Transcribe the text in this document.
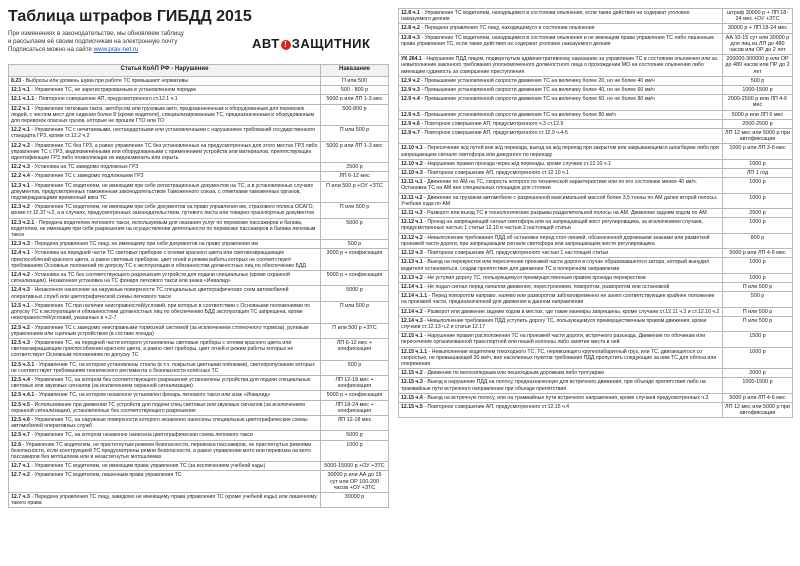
Таблица штрафов ГИБДД 2015
При изменениях в законодательстве, мы обновляем таблицу
и рассылаем её своим подписчикам на электронную почту
Подписаться можно на сайте www.prav-net.ru	АВТ ! ЗАЩИТНИК
Статья КоАП РФ - Нарушение	Наказание
8.23 - Выбросы или уровень шума при работе ТС превышают нормативы	П или 500
12.1 ч.1 - Управление ТС, не зарегистрированным в установленном порядке	500 - 800 р
12.1 ч.1.1 - Повторное совершение АП, предусмотренного ст.12.1 ч.1	5000 р или ЛП 1-3 мес
12.2 ч.1 - Управление легковым такси, автобусом или грузовым авто, предназначенным и оборудованным для перевозок людей, с числом мест для сидения более 8 (кроме водителя), специализированным ТС, предназначенным и оборудованным для перевозок опасных грузов, которые не прошли ГТО или ТО	500-800 р
12.2 ч.1 - Управление ТС с нечитаемыми, нестандартными или установленными с нарушением требований государственного стандарта ГРЗ, кроме ст.12.2 ч.2	П или 500 р
12.2 ч.2 - Управление ТС без ГРЗ, а равно управление ТС без установленных на предусмотренных для этого местах ГРЗ либо управление ТС с ГРЗ, видоизменёнными или оборудованными с применением устройств или материалов, препятствующих идентификации ГРЗ либо позволяющих их видоизменить или скрыть	5000 р или ЛП 1-3 мес
12.2 ч.3 - Установка на ТС заведомо подложных ГРЗ	2500 р
12.2 ч.4 - Управление ТС с заведомо подложными ГРЗ	ЛП 6-12 мес
12.3 ч.1 - Управление ТС водителем, не имеющим при себе регистрационных документов на ТС, а в установленных случаях документов, предусмотренных таможенным законодательством Таможенного союза, с отметками таможенных органов, подтверждающими временный ввоз ТС	П или 500 р +ОУ +ЗТС
12.3 ч.2 - Управление ТС водителем, не имеющим при себе документов на право управления им, страхового полиса ОСАГО, кроме ст.12.37 ч.2, а в случаях, предусмотренных законодательством, путевого листа или товарно-транспортных документов	П или 500 р
12.3 ч.2.1 - Передача водителем легкового такси, используемым для оказания услуг по перевозке пассажиров и багажа, водителем, не имеющим при себе разрешения на осуществление деятельности по перевозке пассажиров и багажа легковым такси	5000 р
12.3 ч.3 - Передача управления ТС лицу, не имеющему при себе документов на право управления им	500 р
12.4 ч.1 - Установка на передней части ТС световых приборов с огнями красного цвета или световозвращающих приспособлений красного цвета, а равно световых приборов, цвет огней и режим работы которых не соответствуют требованиям Основных положений по допуску ТС к эксплуатации и обязанностям должностных лиц по обеспечению БДД	3000 р + конфискация
12.4 ч.2 - Установка на ТС без соответствующего разрешения устройств для подачи специальных (кроме охранной сигнализации). Незаконная установка на ТС фонаря легкового такси или знака «Инвалид»	5000 р + конфискация
12.4 ч.3 - Незаконное нанесение на наружные поверхности ТС специальных цветографических схем автомобилей оперативных служб или цветографической схемы легкового такси	5000 р
12.5 ч.1 - Управление ТС при наличии неисправностей/условий, при которых в соответствии с Основными положениями по допуску ТС к эксплуатации и обязанностями должностных лиц по обеспечению БДД эксплуатация ТС запрещена, кроме неисправностей/условий, указанных в ч.2-7	П или 500 р
12.5 ч.2 - Управление ТС с заведомо неисправными тормозной системой (за исключением стояночного тормоза), рулевым управлением или сцепным устройством (в составе поезда)	П или 500 р +ЗТС
12.5 ч.3 - Управление ТС, на передней части которого установлены световые приборы с огнями красного цвета или световозвращающие приспособления красного цвета, а равно свет приборы, цвет огней и режим работы которых не соответствует Основным положениям по допуску ТС	ЛП 6-12 мес + конфискация
12.5 ч.3.1 - Управление ТС, на котором установлены стекла (в т.ч. покрытые цветными плёнками), светопропускание которых не соответствует требованиям технического регламента о безопасности колёсных ТС	500 р
12.5 ч.4 - Управление ТС, на котором без соответствующего разрешения установлены устройства для подачи специальных световых или звуковых сигналов (за исключением охранной сигнализации)	ЛП 12-18 мес + конфискация
12.5 ч.4.1 - Управление ТС, на котором незаконно установлен фонарь легкового такси или знак «Инвалид»	5000 р + конфискация
12.5 ч.5 - Использование при движении ТС устройств для подачи спец световых или звуковых сигналов (за исключением охранной сигнализации), установленных без соответствующего разрешения	ЛП 18-24 мес + конфискация
12.5 ч.6 - Управление ТС, на наружные поверхности которого незаконно нанесены специальные цветографические схемы автомобилей оперативных служб	ЛП 12-18 мес
12.5 ч.7 - Управление ТС, на котором незаконно нанесена цветографическая схема легкового такси	5000 р
12.6 - Управление ТС водителем, не пристегнутым ремнем безопасности, перевозка пассажиров, не пристегнутых ремнями безопасности, если конструкцией ТС предусмотрены ремни безопасности, а равно управление мото или перевозка на мото пассажиров без мотошлема или в незастегнутых мотошлемах	1000 р
12.7 ч.1 - Управление ТС водителем, не имеющим права управления ТС (за исключением учебной езды)	5000-15000 р +ОУ +ЗТС
12.7 ч.2 - Управление ТС водителем, лишенным права управления ТС	30000 р или АА до 15 сут или ОР 100-200 часов +ОУ +ЗТС
12.7 ч.3 - Передача управления ТС лицу, заведомо не имеющему права управления ТС (кроме учебной езды) или лишенному такого права	30000 р
12.8 ч.1 - Управление ТС водителем, находящимся в состоянии опьянения, если такие действия не содержат уголовно наказуемого деяния	штраф 30000 р + ЛП 18-24 мес +ОУ +ЗТС
12.8 ч.2 - Передача управления ТС лицу, находящемуся в состоянии опьянения	30000 р + ЛП 18-24 мес
12.8 ч.3 - Управление ТС водителем, находящимся в состоянии опьянения и не имеющим права управления ТС либо лишенным права управления ТС, если такие действия не содержат уголовно наказуемого деяния	АА 10-15 сут или 30000 р для лиц из ЛП до 480 часов или ОР до 2 лет
УК 264.1 - Нарушение ПДД лицом, подвергнутым административному наказанию за управление ТС в состоянии опьянения или за невыполнение законного требования уполномоченного должностного лица о прохождении МО на состояние опьянения либо имеющим судимость за совершение преступления	200000-300000 р или ОР до 480 часов или ПР до 2 лет
12.9 ч.2 - Превышение установленной скорости движения ТС на величину более 20, но не более 40 км/ч	500 р
12.9 ч.3 - Превышение установленной скорости движения ТС на величину более 40, но не более 60 км/ч	1000-1500 р
12.9 ч.4 - Превышение установленной скорости движения ТС на величину более 60, но не более 80 км/ч	2000-2500 р или ЛП 4-6 мес
12.9 ч.5 - Превышение установленной скорости движения ТС на величину более 80 км/ч	5000 р или ЛП 6 мес
12.9 ч.6 - Повторное совершение АП, предусмотренного ч.3 ст.12.9	2000-2500 р
12.9 ч.7 - Повторное совершение АП, предусмотренного ст.12.9 ч.4-5	ЛП 12 мес или 5000 р при автофиксации
12.10 ч.1 - Пересечение ж/д путей вне ж/д переезда, выезд на ж/д переезд при закрытом или закрывающемся шлагбауме либо при запрещающем сигнале светофора или дежурного по переезду	1000 р или ЛП 3-6 мес
12.10 ч.2 - Нарушение правил проезда через ж/д переезды, кроме случаев ст.12.10 ч.1	1000 р
12.10 ч.3 - Повторное совершение АП, предусмотренного ст.12.10 ч.1	ЛП 1 год
12.11 ч.1 - Движение по АМ на ТС, скорость которого по технической характеристике или по его состоянию менее 40 км/ч. Остановка ТС на АМ вне специальных площадок для стоянки	1000 р
12.11 ч.2 - Движение на грузовом автомобиле с разрешенной максимальной массой более 3,5 тонны по АМ далее второй полосы. Учебная езда по АМ	1000 р
12.11 ч.3 - Разворот или въезд ТС в технологические разрывы разделительной полосы на АМ. Движение задним ходом по АМ	2500 р
12.12 ч.1 - Проезд на запрещающий сигнал светофора или на запрещающий жест регулировщика, за исключением случаев, предусмотренных частью 1 статьи 12.10 и частью 2 настоящей статьи	1000 р
12.12 ч.2 - Невыполнение требования ПДД об остановке перед стоп-линией, обозначенной дорожными знаками или разметкой проезжей части дороги, при запрещающем сигнале светофора или запрещающем жесте регулировщика	800 р
12.12 ч.3 - Повторное совершение АП, предусмотренного частью 1 настоящей статьи	5000 р или ЛП 4-6 мес
12.13 ч.1 - Выезд на перекресток или пересечение проезжей части дороги в случае образовавшегося затора, который вынудил водителя остановиться, создав препятствие для движения ТС в поперечном направлении	1000 р
12.13 ч.2 - Не уступил дорогу ТС, пользующемуся преимущественным правом проезда перекрестков	1000 р
12.14 ч.1 - Не подал сигнал перед началом движения, перестроением, поворотом, разворотом или остановкой	П или 500 р
12.14 ч.1.1 - Перед поворотом направо, налево или разворотом заблаговременно не занял соответствующее крайнее положение на проезжей части, предназначенной для движения в данном направлении	500 р
12.14 ч.2 - Разворот или движение задним ходом в местах, где такие маневры запрещены, кроме случаев ст.12.11 ч.3 и ст.12.16 ч.2	П или 500 р
12.14 ч.3 - Невыполнение требования ПДД уступить дорогу ТС, пользующемуся преимущественным правом движения, кроме случаев ст.12.13 ч.2 и статьи 12.17	П или 500 р
12.15 ч.1 - Нарушение правил расположения ТС на проезжей части дороги, встречного разъезда. Движение по обочинам или пересечение организованной транспортной или пешей колонны либо занятие места в ней	1500 р
12.15 ч.1.1 - Невыполнение водителем тихоходного ТС, ТС, перевозящего крупногабаритный груз, или ТС, двигающегося со скоростью, не превышающей 30 км/ч, вне населенных пунктов требования ПДД пропустить следующие за ним ТС для обгона или опережения	1000 р
12.15 ч.2 - Движение по велосипедным или пешеходным дорожкам либо тротуарам	2000 р
12.15 ч.3 - Выезд в нарушение ПДД на полосу, предназначенную для встречного движения, при объезде препятствия либо на трамвайные пути встречного направления при объезде препятствия	1000-1500 р
12.15 ч.4 - Выезд на встречную полосу, или на трамвайные пути встречного направления, кроме случаев предусмотренных ч.3	5000 р или ЛП 4-6 мес
12.15 ч.5 - Повторное совершение АП, предусмотренного ст.12.15 ч.4	ЛП 12 мес или 5000 р при автофиксации
